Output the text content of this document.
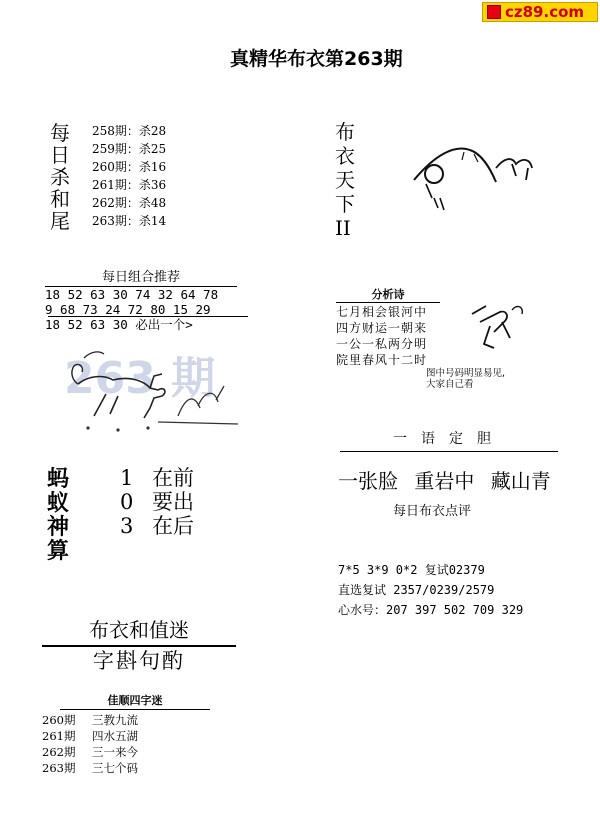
cz89.com
真精华布衣第263期
每
日
杀
和
尾
258期：杀28
259期：杀25
260期：杀16
261期：杀36
262期：杀48
263期：杀14
每日组合推荐
18 52 63 30 74 32 64 78
9 68 73 24 72 80 15 29
18 52 63 30 必出一个>
263 期
蚂
蚁
神
算
1 在前
0 要出
3 在后
布衣和值迷
字斟句酌
佳顺四字迷
260期 三教九流
261期 四水五湖
262期 三一来今
263期 三七个码
布
衣
天
下
II
分析诗
七月相会银河中
四方财运一朝来
一公一私两分明
院里春风十二时
图中号码明显易见,
大家自己看
一语定胆
一张脸 重岩中 藏山青
每日布衣点评
7*5 3*9 0*2 复试02379
直选复试 2357/0239/2579
心水号：207 397 502 709 329
